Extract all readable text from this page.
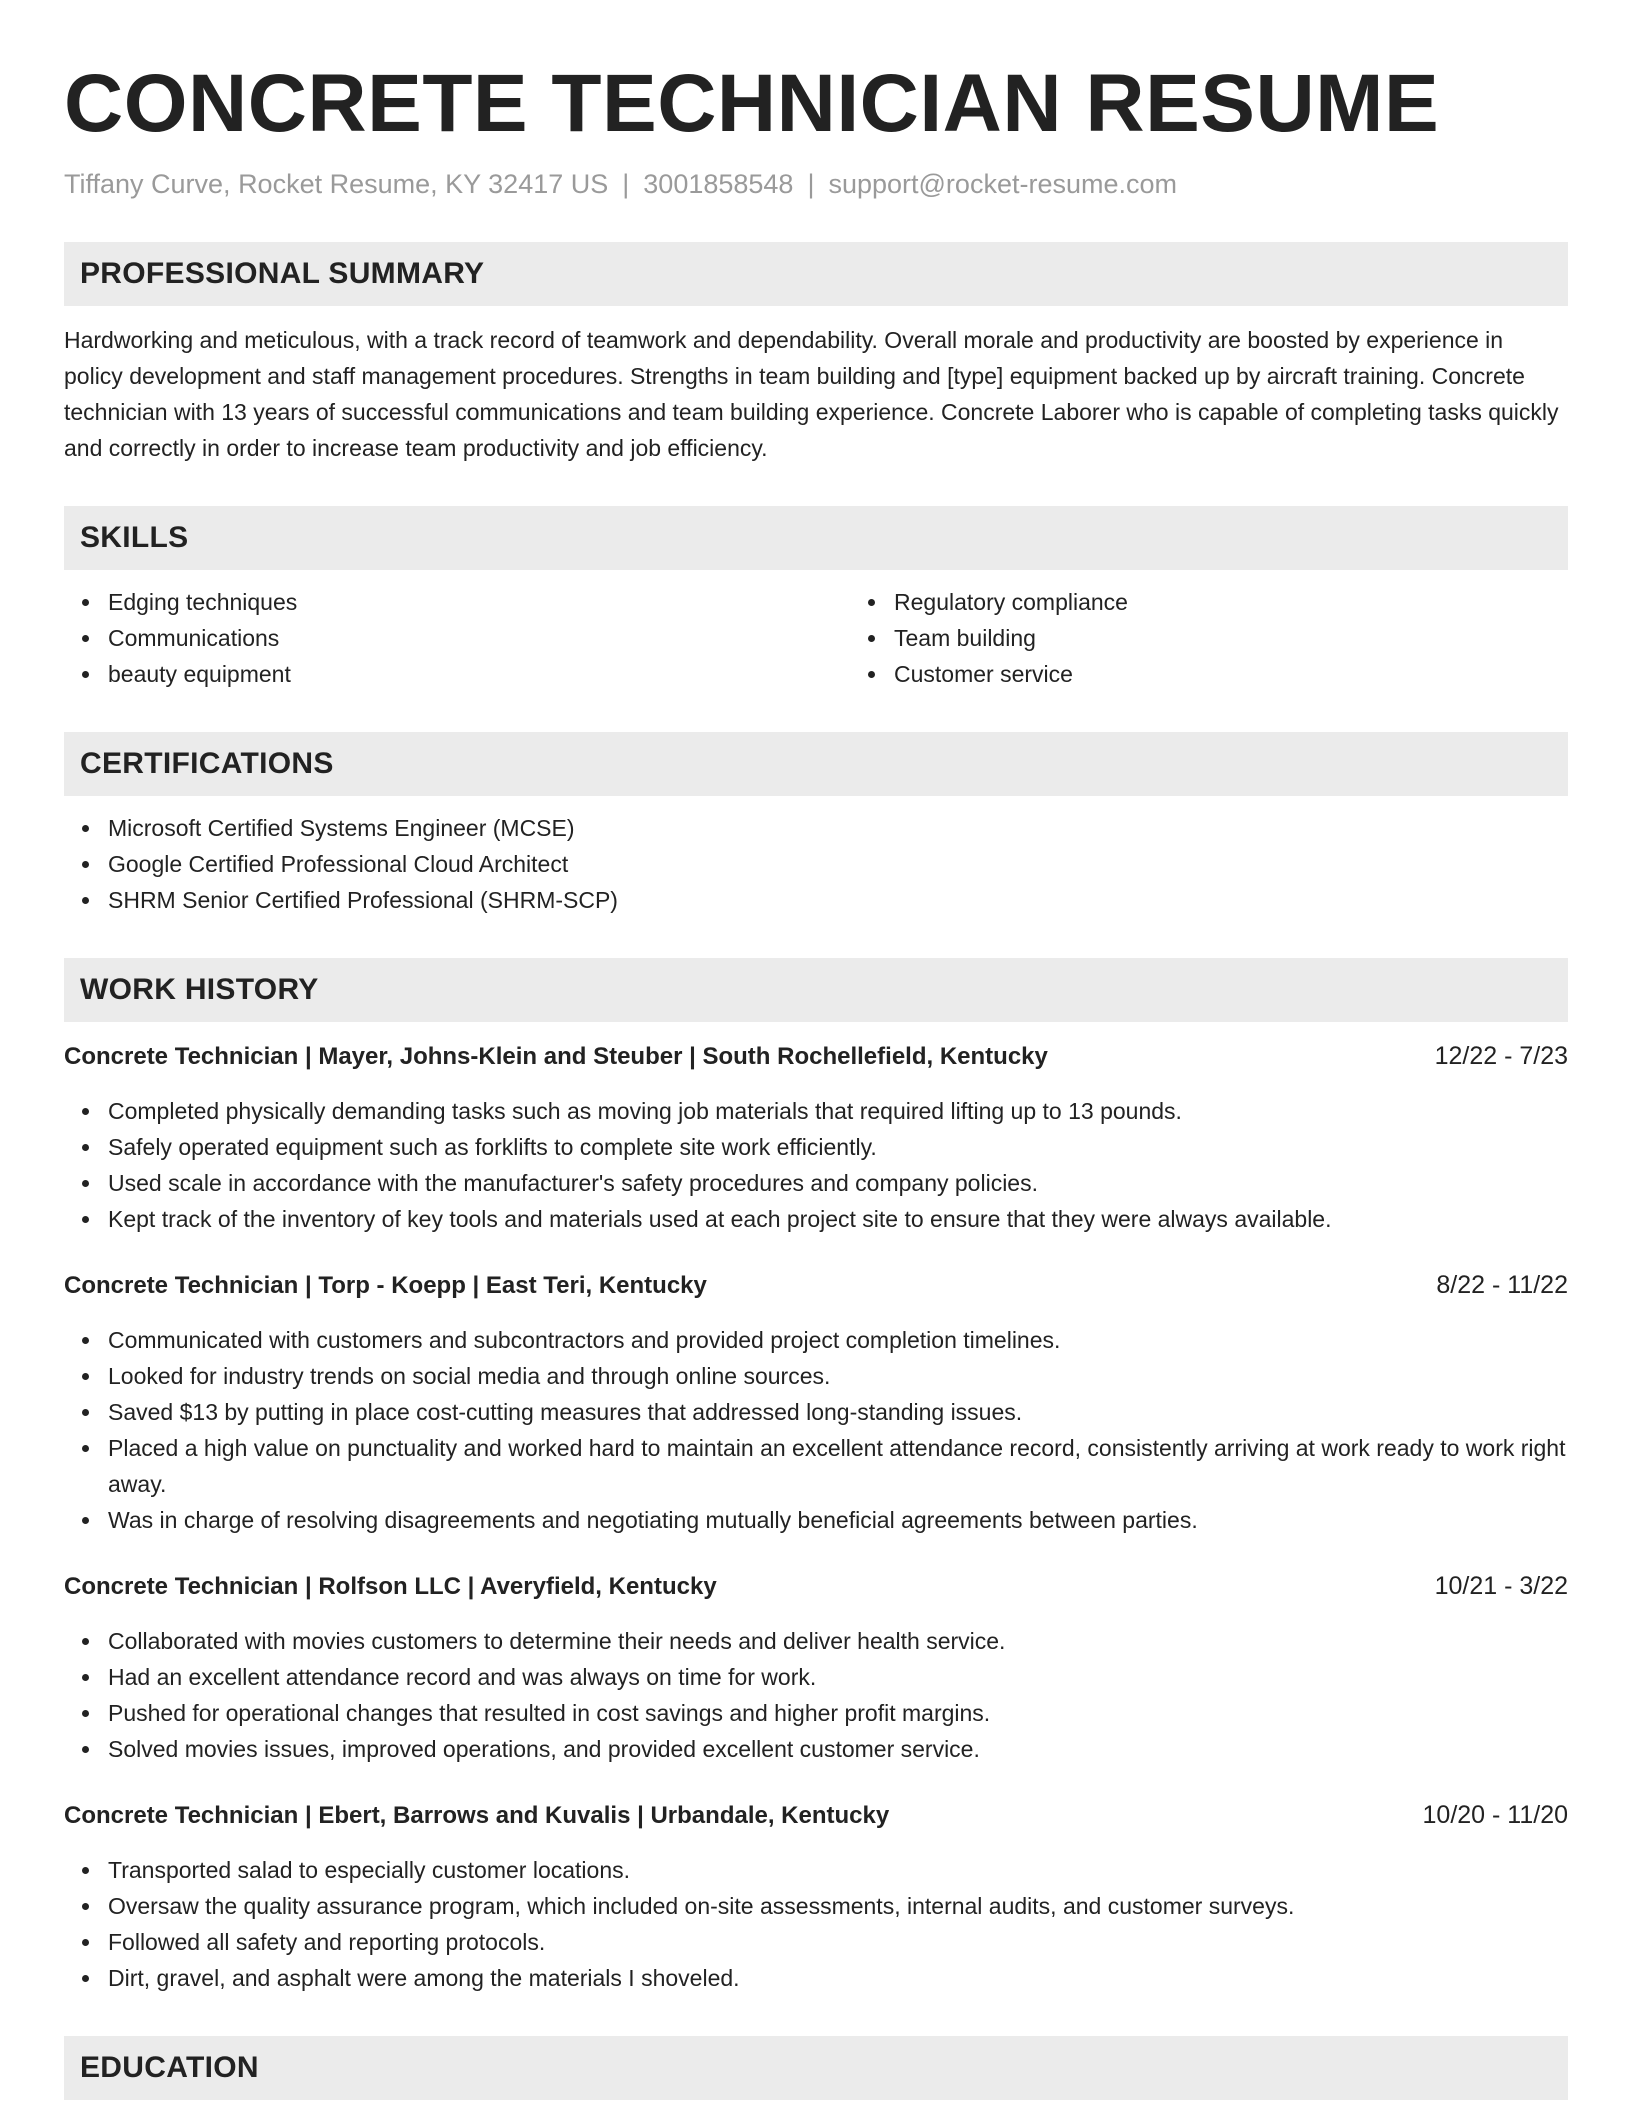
CONCRETE TECHNICIAN RESUME
Tiffany Curve, Rocket Resume, KY 32417 US | 3001858548 | support@rocket-resume.com
PROFESSIONAL SUMMARY

Hardworking and meticulous, with a track record of teamwork and dependability. Overall morale and productivity are boosted by experience in policy development and staff management procedures. Strengths in team building and [type] equipment backed up by aircraft training. Concrete technician with 13 years of successful communications and team building experience. Concrete Laborer who is capable of completing tasks quickly and correctly in order to increase team productivity and job efficiency.

SKILLS
Edging techniques
Communications
beauty equipment
Regulatory compliance
Team building
Customer service
CERTIFICATIONS
Microsoft Certified Systems Engineer (MCSE)
Google Certified Professional Cloud Architect
SHRM Senior Certified Professional (SHRM-SCP)
WORK HISTORY
Concrete Technician | Mayer, Johns-Klein and Steuber | South Rochellefield, Kentucky	12/22 - 7/23
Completed physically demanding tasks such as moving job materials that required lifting up to 13 pounds.
Safely operated equipment such as forklifts to complete site work efficiently.
Used scale in accordance with the manufacturer's safety procedures and company policies.
Kept track of the inventory of key tools and materials used at each project site to ensure that they were always available.
Concrete Technician | Torp - Koepp | East Teri, Kentucky	8/22 - 11/22
Communicated with customers and subcontractors and provided project completion timelines.
Looked for industry trends on social media and through online sources.
Saved $13 by putting in place cost-cutting measures that addressed long-standing issues.
Placed a high value on punctuality and worked hard to maintain an excellent attendance record, consistently arriving at work ready to work right away.
Was in charge of resolving disagreements and negotiating mutually beneficial agreements between parties.
Concrete Technician | Rolfson LLC | Averyfield, Kentucky	10/21 - 3/22
Collaborated with movies customers to determine their needs and deliver health service.
Had an excellent attendance record and was always on time for work.
Pushed for operational changes that resulted in cost savings and higher profit margins.
Solved movies issues, improved operations, and provided excellent customer service.
Concrete Technician | Ebert, Barrows and Kuvalis | Urbandale, Kentucky	10/20 - 11/20
Transported salad to especially customer locations.
Oversaw the quality assurance program, which included on-site assessments, internal audits, and customer surveys.
Followed all safety and reporting protocols.
Dirt, gravel, and asphalt were among the materials I shoveled.
EDUCATION
